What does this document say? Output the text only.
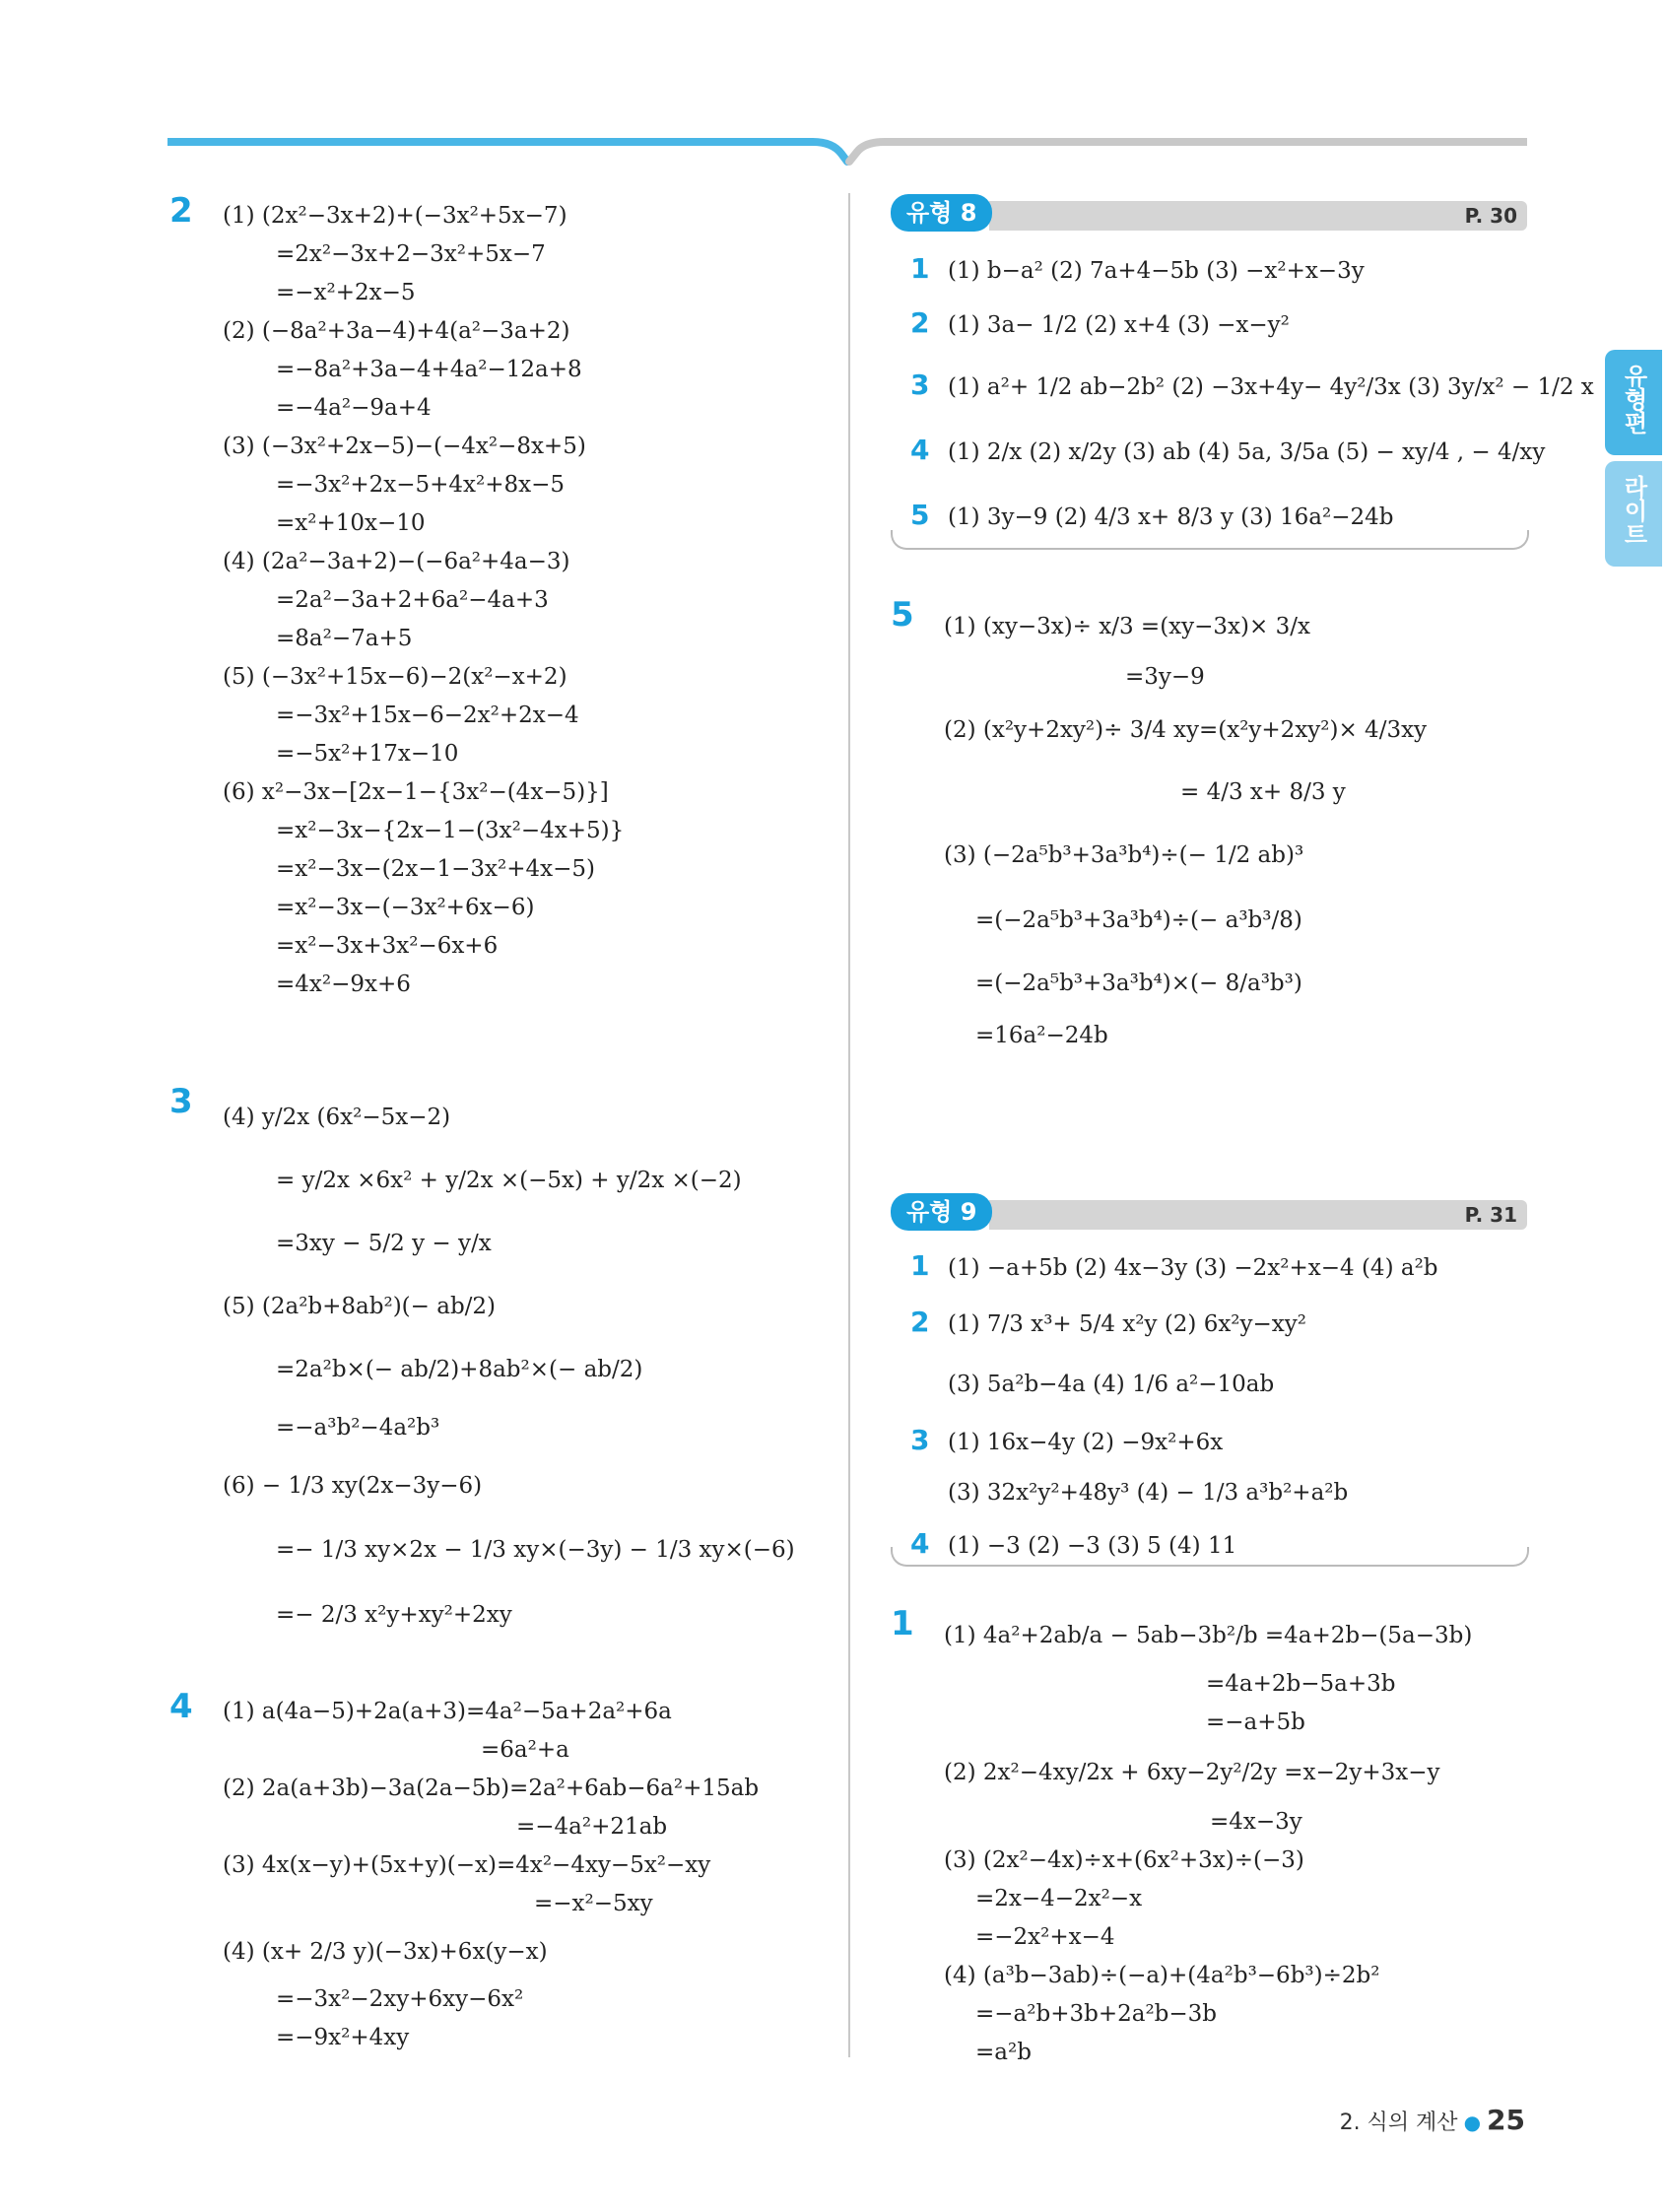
유형편
라이트
2 (1) (2x²−3x+2)+(−3x²+5x−7)
=2x²−3x+2−3x²+5x−7
=−x²+2x−5
(2) (−8a²+3a−4)+4(a²−3a+2)
=−8a²+3a−4+4a²−12a+8
=−4a²−9a+4
(3) (−3x²+2x−5)−(−4x²−8x+5)
=−3x²+2x−5+4x²+8x−5
=x²+10x−10
(4) (2a²−3a+2)−(−6a²+4a−3)
=2a²−3a+2+6a²−4a+3
=8a²−7a+5
(5) (−3x²+15x−6)−2(x²−x+2)
=−3x²+15x−6−2x²+2x−4
=−5x²+17x−10
(6) x²−3x−[2x−1−{3x²−(4x−5)}]
=x²−3x−{2x−1−(3x²−4x+5)}
=x²−3x−(2x−1−3x²+4x−5)
=x²−3x−(−3x²+6x−6)
=x²−3x+3x²−6x+6
=4x²−9x+6
3 (4) y/2x (6x²−5x−2)
= y/2x ×6x² + y/2x ×(−5x) + y/2x ×(−2)
=3xy − 5/2 y − y/x
(5) (2a²b+8ab²)(− ab/2)
=2a²b×(− ab/2)+8ab²×(− ab/2)
=−a³b²−4a²b³
(6) − 1/3 xy(2x−3y−6)
=− 1/3 xy×2x − 1/3 xy×(−3y) − 1/3 xy×(−6)
=− 2/3 x²y+xy²+2xy
4 (1) a(4a−5)+2a(a+3)=4a²−5a+2a²+6a
=6a²+a
(2) 2a(a+3b)−3a(2a−5b)=2a²+6ab−6a²+15ab
=−4a²+21ab
(3) 4x(x−y)+(5x+y)(−x)=4x²−4xy−5x²−xy
=−x²−5xy
(4) (x+ 2/3 y)(−3x)+6x(y−x)
=−3x²−2xy+6xy−6x²
=−9x²+4xy
유형 8	P. 30
1 (1) b−a² (2) 7a+4−5b (3) −x²+x−3y
2 (1) 3a− 1/2 (2) x+4 (3) −x−y²
3 (1) a²+ 1/2 ab−2b² (2) −3x+4y− 4y²/3x (3) 3y/x² − 1/2 x
4 (1) 2/x (2) x/2y (3) ab (4) 5a, 3/5a (5) − xy/4 , − 4/xy
5 (1) 3y−9 (2) 4/3 x+ 8/3 y (3) 16a²−24b
5 (1) (xy−3x)÷ x/3 =(xy−3x)× 3/x
=3y−9
(2) (x²y+2xy²)÷ 3/4 xy=(x²y+2xy²)× 4/3xy
= 4/3 x+ 8/3 y
(3) (−2a⁵b³+3a³b⁴)÷(− 1/2 ab)³
=(−2a⁵b³+3a³b⁴)÷(− a³b³/8)
=(−2a⁵b³+3a³b⁴)×(− 8/a³b³)
=16a²−24b
유형 9	P. 31
1 (1) −a+5b (2) 4x−3y (3) −2x²+x−4 (4) a²b
2 (1) 7/3 x³+ 5/4 x²y (2) 6x²y−xy²
(3) 5a²b−4a (4) 1/6 a²−10ab
3 (1) 16x−4y (2) −9x²+6x
(3) 32x²y²+48y³ (4) − 1/3 a³b²+a²b
4 (1) −3 (2) −3 (3) 5 (4) 11
1 (1) 4a²+2ab/a − 5ab−3b²/b =4a+2b−(5a−3b)
=4a+2b−5a+3b
=−a+5b
(2) 2x²−4xy/2x + 6xy−2y²/2y =x−2y+3x−y
=4x−3y
(3) (2x²−4x)÷x+(6x²+3x)÷(−3)
=2x−4−2x²−x
=−2x²+x−4
(4) (a³b−3ab)÷(−a)+(4a²b³−6b³)÷2b²
=−a²b+3b+2a²b−3b
=a²b
2. 식의 계산 ● 25
